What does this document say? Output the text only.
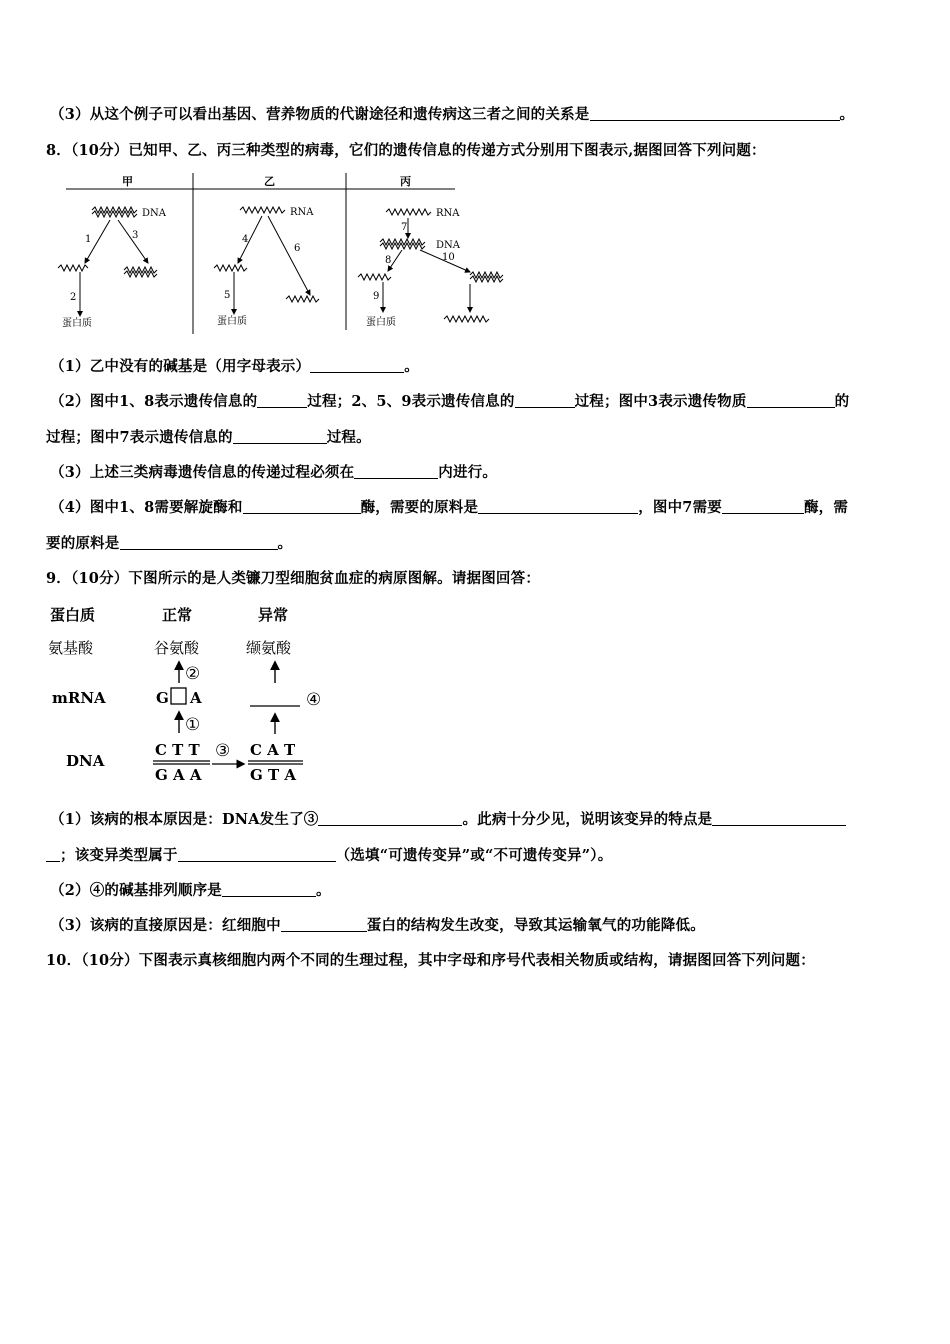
（3）从这个例子可以看出基因、营养物质的代谢途径和遗传病这三者之间的关系是	。
8．（10分）已知甲、乙、丙三种类型的病毒，它们的遗传信息的传递方式分别用下图表示,据图回答下列问题：
甲	乙	丙
DNA
1	3
2
蛋白质
RNA
4
6
5
蛋白质
RNA
7
DNA
8	10
9
蛋白质
（1）乙中没有的碱基是（用字母表示）	。
（2）图中1、8表示遗传信息的	过程；2、5、9表示遗传信息的	过程；图中3表示遗传物质	的
过程；图中7表示遗传信息的	过程。
（3）上述三类病毒遗传信息的传递过程必须在	内进行。
（4）图中1、8需要解旋酶和	酶，需要的原料是	，图中7需要	酶，需
要的原料是	。
9．（10分）下图所示的是人类镰刀型细胞贫血症的病原图解。请据图回答：
蛋白质	正常	异常
氨基酸	谷氨酸	缬氨酸
②
mRNA	G A	④
①
DNA
C T T
G A A
③ C A T
G T A
（1）该病的根本原因是：DNA发生了③	。此病十分少见，说明该变异的特点是
；该变异类型属于	（选填“可遗传变异”或“不可遗传变异”）。
（2）④的碱基排列顺序是	。
（3）该病的直接原因是：红细胞中	蛋白的结构发生改变，导致其运输氧气的功能降低。
10．（10分）下图表示真核细胞内两个不同的生理过程，其中字母和序号代表相关物质或结构，请据图回答下列问题：
